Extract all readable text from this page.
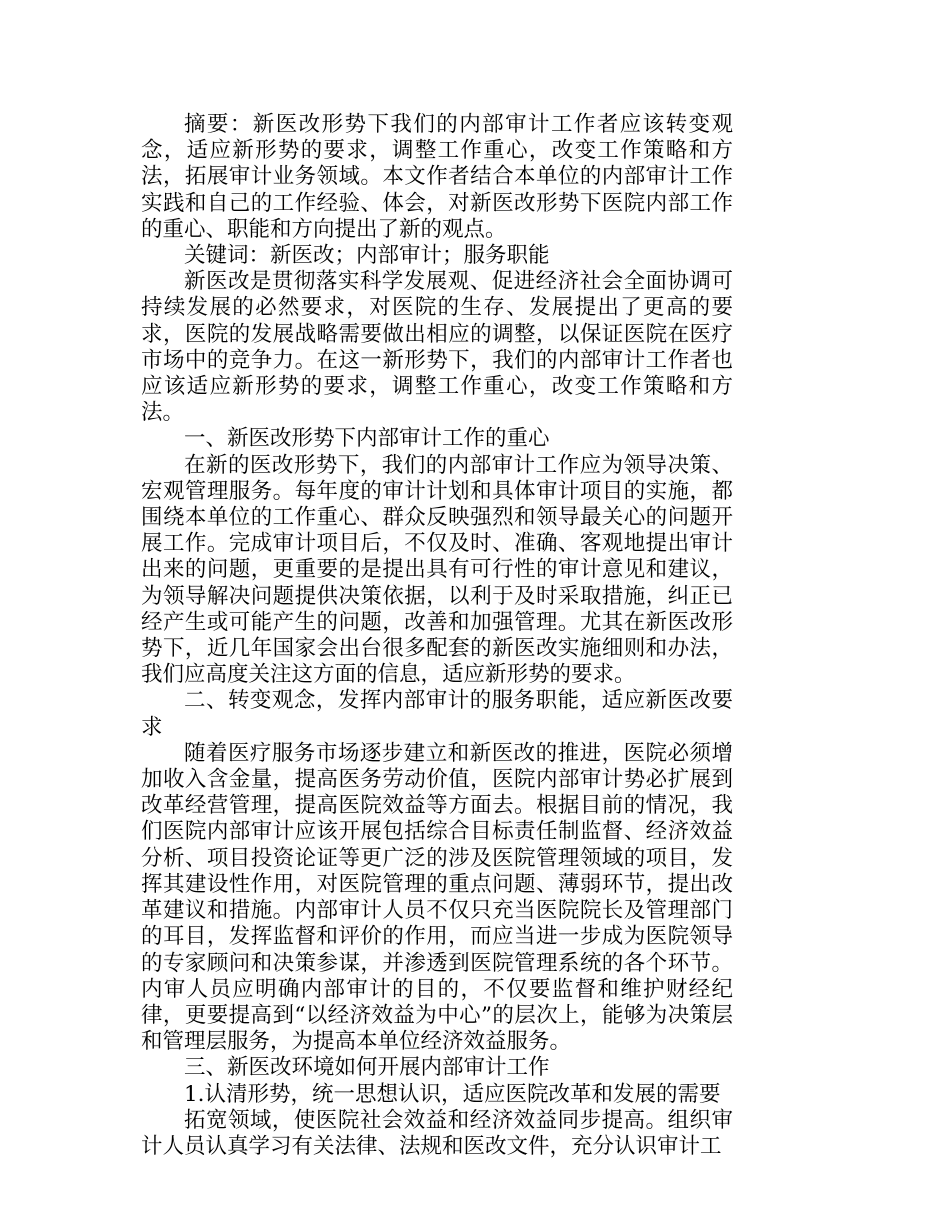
摘要：新医改形势下我们的内部审计工作者应该转变观念，适应新形势的要求，调整工作重心，改变工作策略和方法，拓展审计业务领域。本文作者结合本单位的内部审计工作实践和自己的工作经验、体会，对新医改形势下医院内部工作的重心、职能和方向提出了新的观点。

关键词：新医改；内部审计；服务职能

新医改是贯彻落实科学发展观、促进经济社会全面协调可持续发展的必然要求，对医院的生存、发展提出了更高的要求，医院的发展战略需要做出相应的调整，以保证医院在医疗市场中的竞争力。在这一新形势下，我们的内部审计工作者也应该适应新形势的要求，调整工作重心，改变工作策略和方法。

一、新医改形势下内部审计工作的重心

在新的医改形势下，我们的内部审计工作应为领导决策、宏观管理服务。每年度的审计计划和具体审计项目的实施，都围绕本单位的工作重心、群众反映强烈和领导最关心的问题开展工作。完成审计项目后，不仅及时、准确、客观地提出审计出来的问题，更重要的是提出具有可行性的审计意见和建议，为领导解决问题提供决策依据，以利于及时采取措施，纠正已经产生或可能产生的问题，改善和加强管理。尤其在新医改形势下，近几年国家会出台很多配套的新医改实施细则和办法，我们应高度关注这方面的信息，适应新形势的要求。

二、转变观念，发挥内部审计的服务职能，适应新医改要求

随着医疗服务市场逐步建立和新医改的推进，医院必须增加收入含金量，提高医务劳动价值，医院内部审计势必扩展到改革经营管理，提高医院效益等方面去。根据目前的情况，我们医院内部审计应该开展包括综合目标责任制监督、经济效益分析、项目投资论证等更广泛的涉及医院管理领域的项目，发挥其建设性作用，对医院管理的重点问题、薄弱环节，提出改革建议和措施。内部审计人员不仅只充当医院院长及管理部门的耳目，发挥监督和评价的作用，而应当进一步成为医院领导的专家顾问和决策参谋，并渗透到医院管理系统的各个环节。内审人员应明确内部审计的目的，不仅要监督和维护财经纪律，更要提高到“以经济效益为中心”的层次上，能够为决策层和管理层服务，为提高本单位经济效益服务。

三、新医改环境如何开展内部审计工作

1.认清形势，统一思想认识，适应医院改革和发展的需要

拓宽领域，使医院社会效益和经济效益同步提高。组织审计人员认真学习有关法律、法规和医改文件，充分认识审计工
